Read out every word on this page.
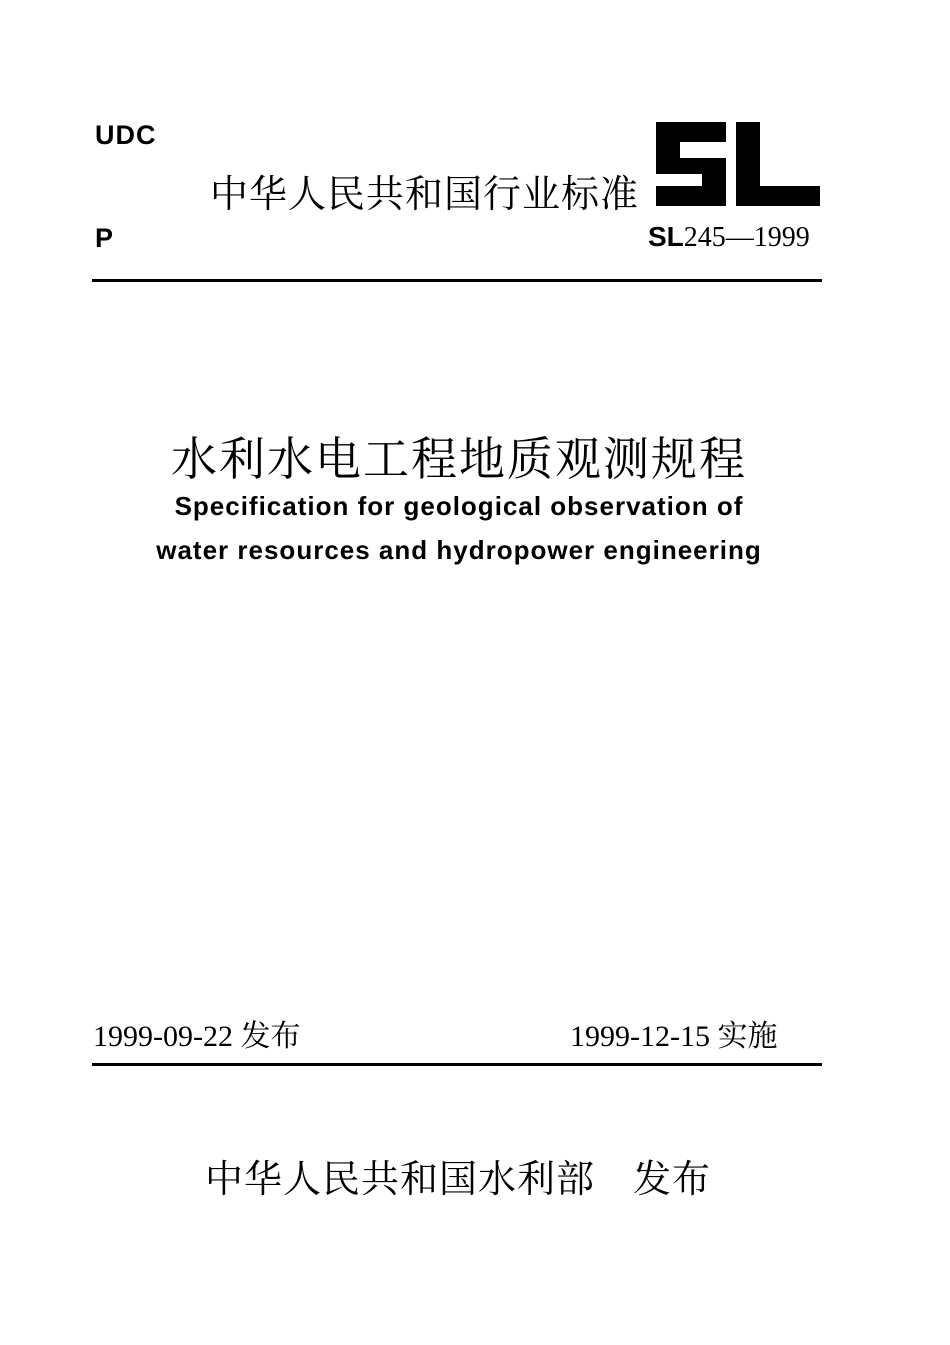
UDC
中华人民共和国行业标准
P	SL245—1999
水利水电工程地质观测规程
Specification for geological observation of
water resources and hydropower engineering
1999-09-22 发布	1999-12-15 实施
中华人民共和国水利部 发布
